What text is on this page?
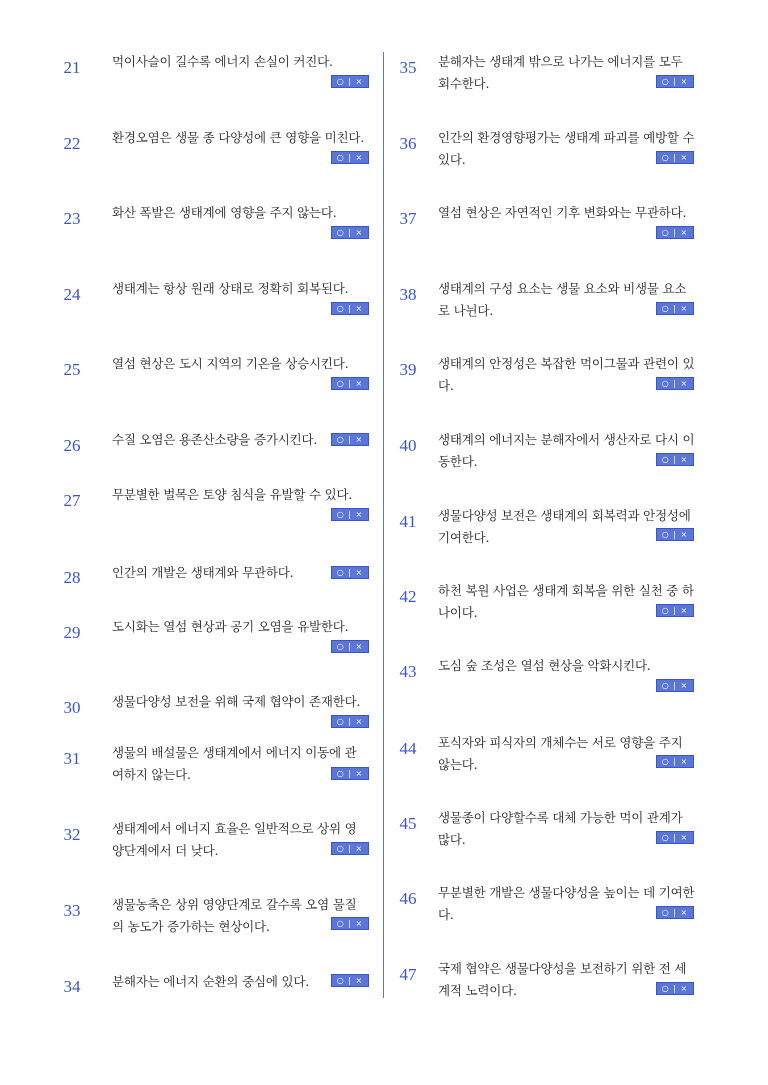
21	먹이사슬이 길수록 에너지 손실이 커진다.
○ | ×
22	환경오염은 생물 종 다양성에 큰 영향을 미친다.
○ | ×
23	화산 폭발은 생태계에 영향을 주지 않는다.
○ | ×
24	생태계는 항상 원래 상태로 정확히 회복된다.
○ | ×
25	열섬 현상은 도시 지역의 기온을 상승시킨다.
○ | ×
26	수질 오염은 용존산소량을 증가시킨다.	○ | ×
27	무분별한 벌목은 토양 침식을 유발할 수 있다.
○ | ×
28	인간의 개발은 생태계와 무관하다.	○ | ×
29	도시화는 열섬 현상과 공기 오염을 유발한다.
○ | ×
30	생물다양성 보전을 위해 국제 협약이 존재한다.
○ | ×
31	생물의 배설물은 생태계에서 에너지 이동에 관여하지 않는다.	○ | ×
32	생태계에서 에너지 효율은 일반적으로 상위 영양단계에서 더 낮다.	○ | ×
33	생물농축은 상위 영양단계로 갈수록 오염 물질의 농도가 증가하는 현상이다.	○ | ×
34	분해자는 에너지 순환의 중심에 있다.	○ | ×
35 분해자는 생태계 밖으로 나가는 에너지를 모두 회수한다.	○ | ×
36 인간의 환경영향평가는 생태계 파괴를 예방할 수 있다.	○ | ×
37 열섬 현상은 자연적인 기후 변화와는 무관하다.
○ | ×
38 생태계의 구성 요소는 생물 요소와 비생물 요소로 나뉜다.	○ | ×
39 생태계의 안정성은 복잡한 먹이그물과 관련이 있다.	○ | ×
40 생태계의 에너지는 분해자에서 생산자로 다시 이동한다.	○ | ×
41 생물다양성 보전은 생태계의 회복력과 안정성에 기여한다.	○ | ×
42 하천 복원 사업은 생태계 회복을 위한 실천 중 하나이다.	○ | ×
43 도심 숲 조성은 열섬 현상을 악화시킨다.
○ | ×
44 포식자와 피식자의 개체수는 서로 영향을 주지 않는다.	○ | ×
45 생물종이 다양할수록 대체 가능한 먹이 관계가 많다.	○ | ×
46 무분별한 개발은 생물다양성을 높이는 데 기여한다.	○ | ×
47 국제 협약은 생물다양성을 보전하기 위한 전 세계적 노력이다.	○ | ×
